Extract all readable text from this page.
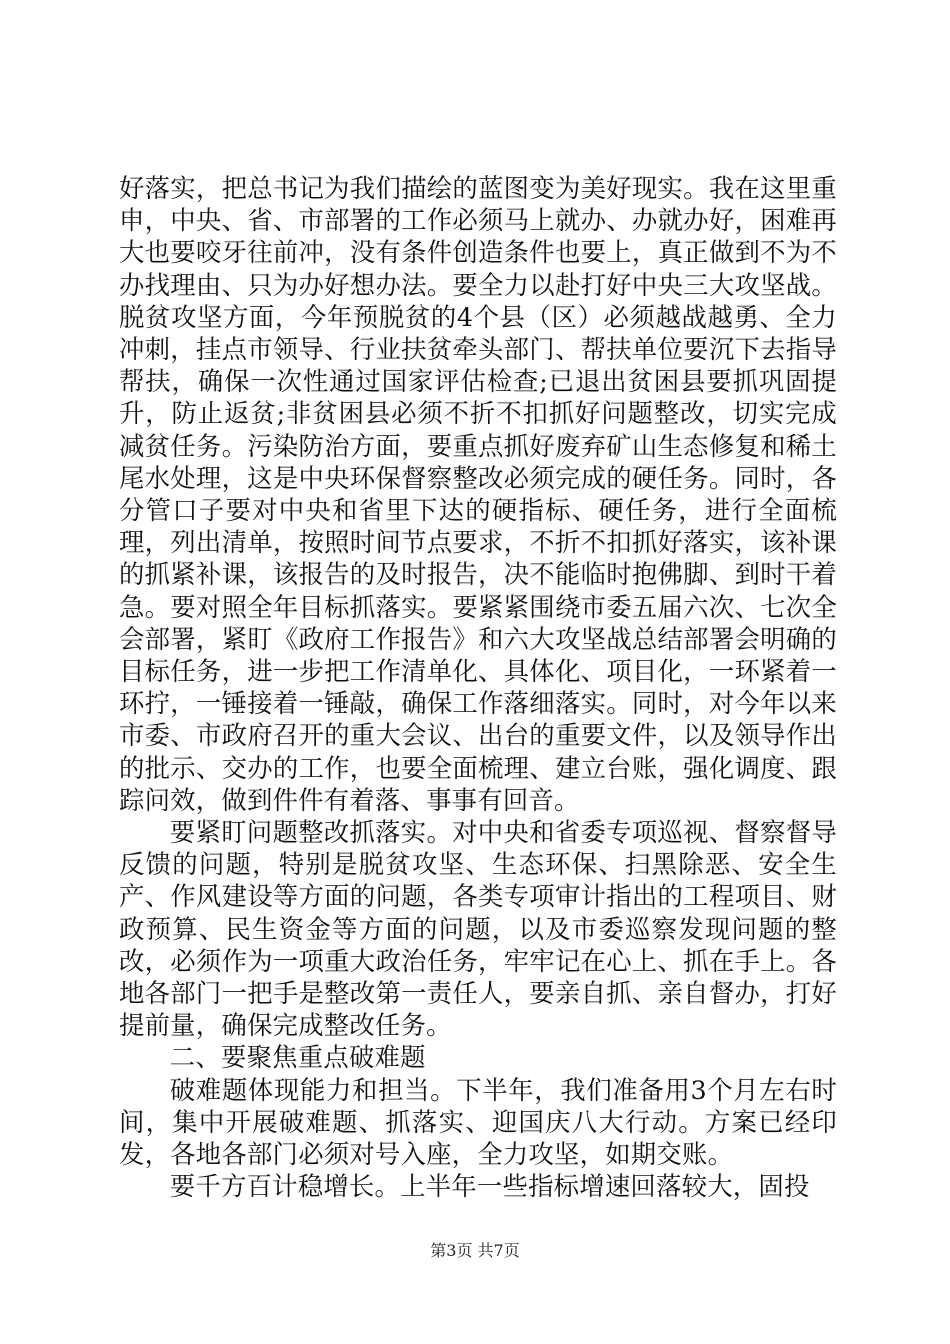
好落实，把总书记为我们描绘的蓝图变为美好现实。我在这里重申，中央、省、市部署的工作必须马上就办、办就办好，困难再大也要咬牙往前冲，没有条件创造条件也要上，真正做到不为不办找理由、只为办好想办法。要全力以赴打好中央三大攻坚战。脱贫攻坚方面，今年预脱贫的4个县（区）必须越战越勇、全力冲刺，挂点市领导、行业扶贫牵头部门、帮扶单位要沉下去指导帮扶，确保一次性通过国家评估检查;已退出贫困县要抓巩固提升，防止返贫;非贫困县必须不折不扣抓好问题整改，切实完成减贫任务。污染防治方面，要重点抓好废弃矿山生态修复和稀土尾水处理，这是中央环保督察整改必须完成的硬任务。同时，各分管口子要对中央和省里下达的硬指标、硬任务，进行全面梳理，列出清单，按照时间节点要求，不折不扣抓好落实，该补课的抓紧补课，该报告的及时报告，决不能临时抱佛脚、到时干着急。要对照全年目标抓落实。要紧紧围绕市委五届六次、七次全会部署，紧盯《政府工作报告》和六大攻坚战总结部署会明确的目标任务，进一步把工作清单化、具体化、项目化，一环紧着一环拧，一锤接着一锤敲，确保工作落细落实。同时，对今年以来市委、市政府召开的重大会议、出台的重要文件，以及领导作出的批示、交办的工作，也要全面梳理、建立台账，强化调度、跟踪问效，做到件件有着落、事事有回音。

要紧盯问题整改抓落实。对中央和省委专项巡视、督察督导反馈的问题，特别是脱贫攻坚、生态环保、扫黑除恶、安全生产、作风建设等方面的问题，各类专项审计指出的工程项目、财政预算、民生资金等方面的问题，以及市委巡察发现问题的整改，必须作为一项重大政治任务，牢牢记在心上、抓在手上。各地各部门一把手是整改第一责任人，要亲自抓、亲自督办，打好提前量，确保完成整改任务。

二、要聚焦重点破难题

破难题体现能力和担当。下半年，我们准备用3个月左右时间，集中开展破难题、抓落实、迎国庆八大行动。方案已经印发，各地各部门必须对号入座，全力攻坚，如期交账。

要千方百计稳增长。上半年一些指标增速回落较大，固投

第3页 共7页
